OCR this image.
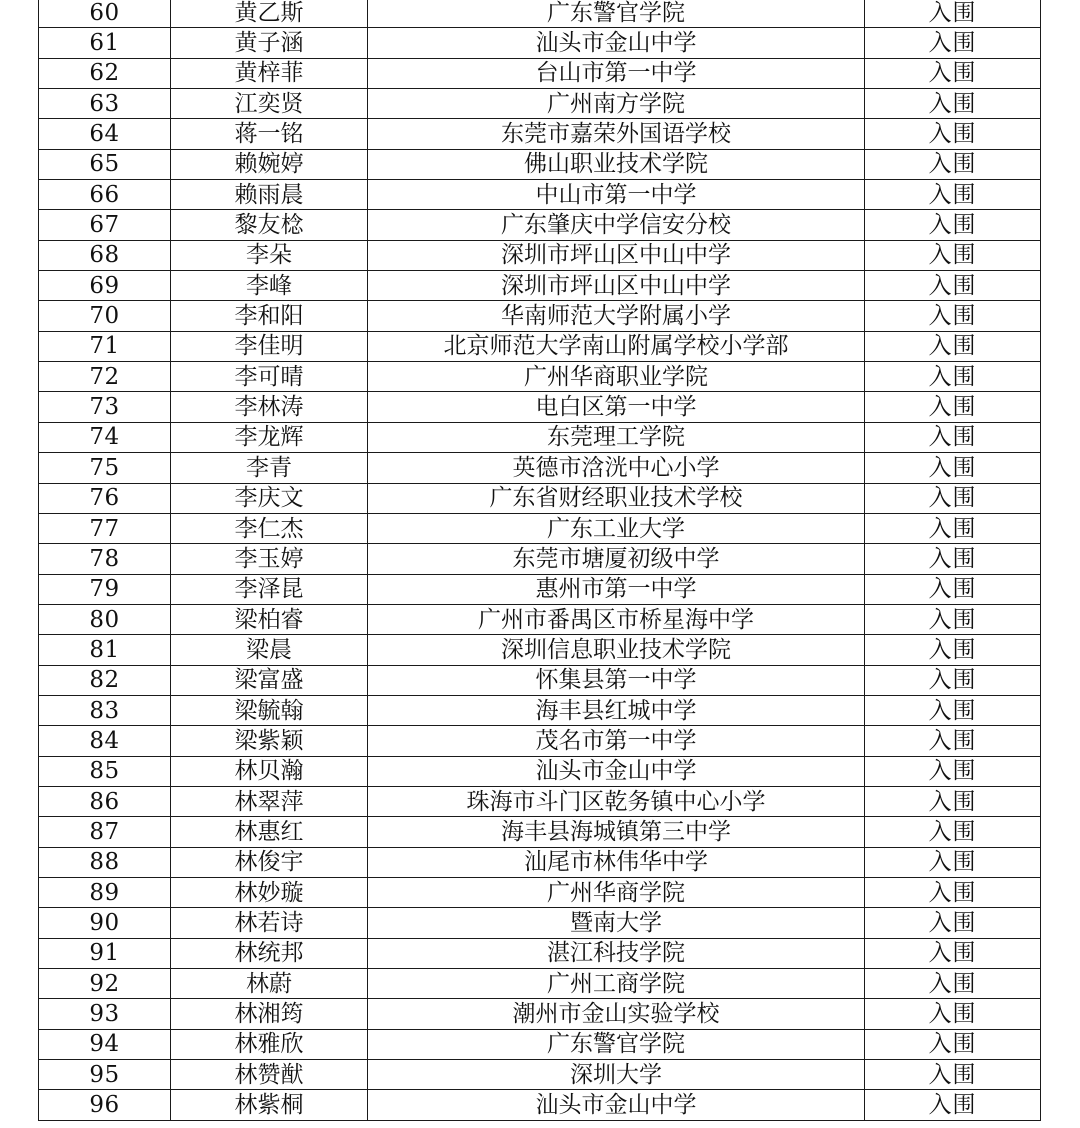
60	黄乙斯	广东警官学院	入围
61	黄子涵	汕头市金山中学	入围
62	黄梓菲	台山市第一中学	入围
63	江奕贤	广州南方学院	入围
64	蒋一铭	东莞市嘉荣外国语学校	入围
65	赖婉婷	佛山职业技术学院	入围
66	赖雨晨	中山市第一中学	入围
67	黎友棯	广东肇庆中学信安分校	入围
68	李朵	深圳市坪山区中山中学	入围
69	李峰	深圳市坪山区中山中学	入围
70	李和阳	华南师范大学附属小学	入围
71	李佳明	北京师范大学南山附属学校小学部	入围
72	李可晴	广州华商职业学院	入围
73	李林涛	电白区第一中学	入围
74	李龙辉	东莞理工学院	入围
75	李青	英德市浛洸中心小学	入围
76	李庆文	广东省财经职业技术学校	入围
77	李仁杰	广东工业大学	入围
78	李玉婷	东莞市塘厦初级中学	入围
79	李泽昆	惠州市第一中学	入围
80	梁柏睿	广州市番禺区市桥星海中学	入围
81	梁晨	深圳信息职业技术学院	入围
82	梁富盛	怀集县第一中学	入围
83	梁毓翰	海丰县红城中学	入围
84	梁紫颖	茂名市第一中学	入围
85	林贝瀚	汕头市金山中学	入围
86	林翠萍	珠海市斗门区乾务镇中心小学	入围
87	林惠红	海丰县海城镇第三中学	入围
88	林俊宇	汕尾市林伟华中学	入围
89	林妙璇	广州华商学院	入围
90	林若诗	暨南大学	入围
91	林统邦	湛江科技学院	入围
92	林蔚	广州工商学院	入围
93	林湘筠	潮州市金山实验学校	入围
94	林雅欣	广东警官学院	入围
95	林赞猷	深圳大学	入围
96	林紫桐	汕头市金山中学	入围
